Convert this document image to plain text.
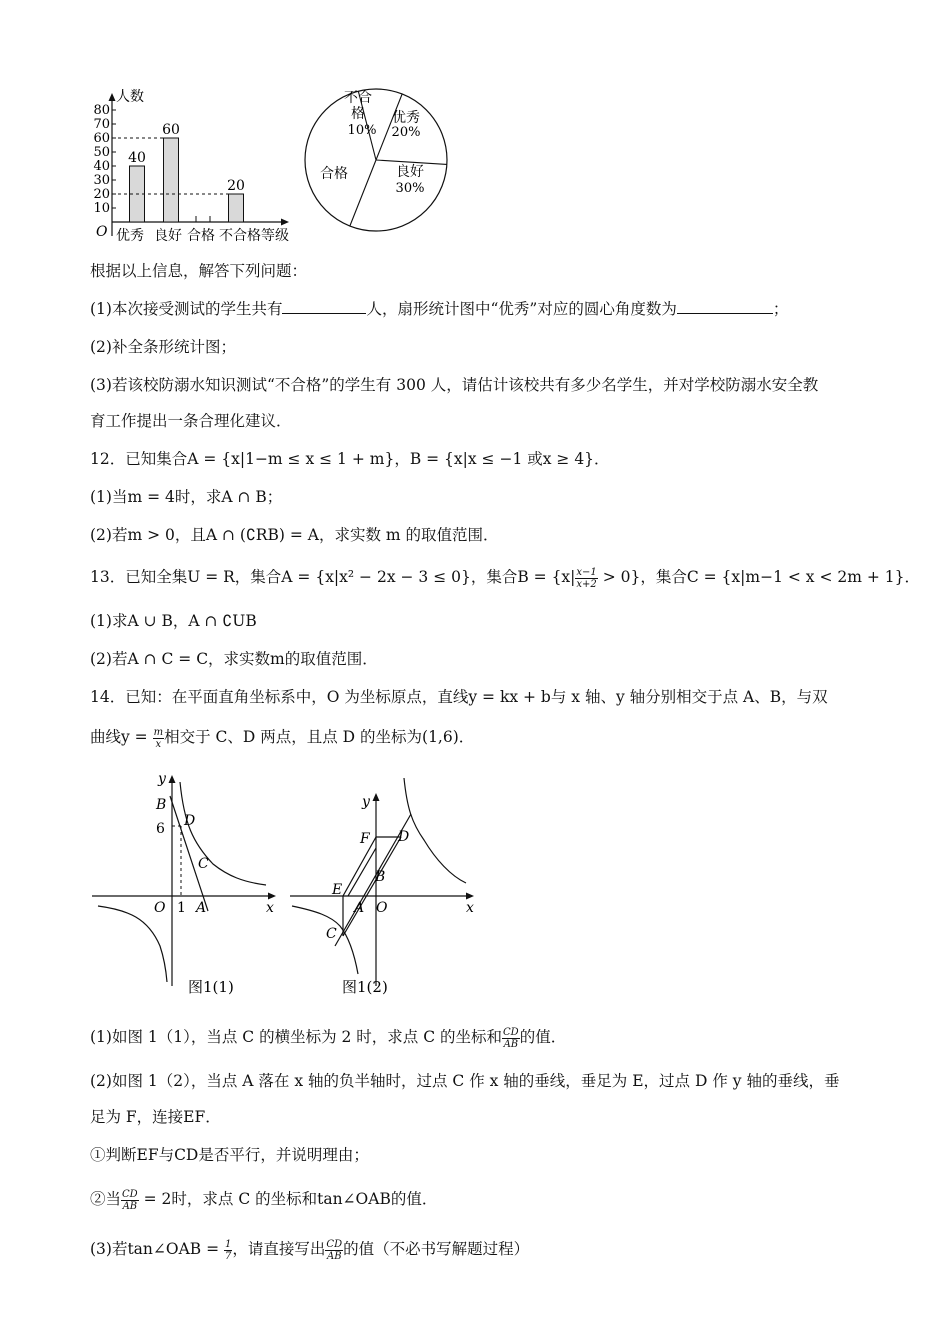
10
20
30
40
50
60
70
80
人数
O
40
60
20
优秀 良好 合格 不合格 等级
不合
格
10%
优秀
20%
良好
30%
合格
根据以上信息，解答下列问题：
(1)本次接受测试的学生共有	人，扇形统计图中“优秀”对应的圆心角度数为	；
(2)补全条形统计图；
(3)若该校防溺水知识测试“不合格”的学生有 300 人，请估计该校共有多少名学生，并对学校防溺水安全教
育工作提出一条合理化建议．
12．已知集合A = {x|1−m ≤ x ≤ 1 + m}，B = {x|x ≤ −1 或x ≥ 4}．
(1)当m = 4时，求A ∩ B；
(2)若m > 0，且A ∩ (∁RB) = A，求实数 m 的取值范围．
13．已知全集U = R，集合A = {x|x² − 2x − 3 ≤ 0}，集合$B = \{x| \frac{x-1}{x+2} > 0\}$，集合C = {x|m−1 < x < 2m + 1}．
(1)求A ∪ B，A ∩ ∁UB
(2)若A ∩ C = C，求实数m的取值范围．
14．已知：在平面直角坐标系中，O 为坐标原点，直线y = kx + b与 x 轴、y 轴分别相交于点 A、B，与双
曲线$y = \frac{m}{x}$ 相交于 C、D 两点，且点 D 的坐标为(1,6)．
y
B
6 D
C
O 1 A	x
图1(1)
y
F D
B
E
A O
C
x
图1(2)
(1)如图 1（1），当点 C 的横坐标为 2 时，求点 C 的坐标和 $\frac{CD}{AB}$ 的值．
(2)如图 1（2），当点 A 落在 x 轴的负半轴时，过点 C 作 x 轴的垂线，垂足为 E，过点 D 作 y 轴的垂线，垂
足为 F，连接EF．
①判断EF与CD是否平行，并说明理由；
②当 $\frac{CD}{AB} = 2$时，求点 C 的坐标和tan∠OAB的值．
(3)若tan∠OAB = $\frac{1}{7}$ ，请直接写出 $\frac{CD}{AB}$ 的值（不必书写解题过程）
